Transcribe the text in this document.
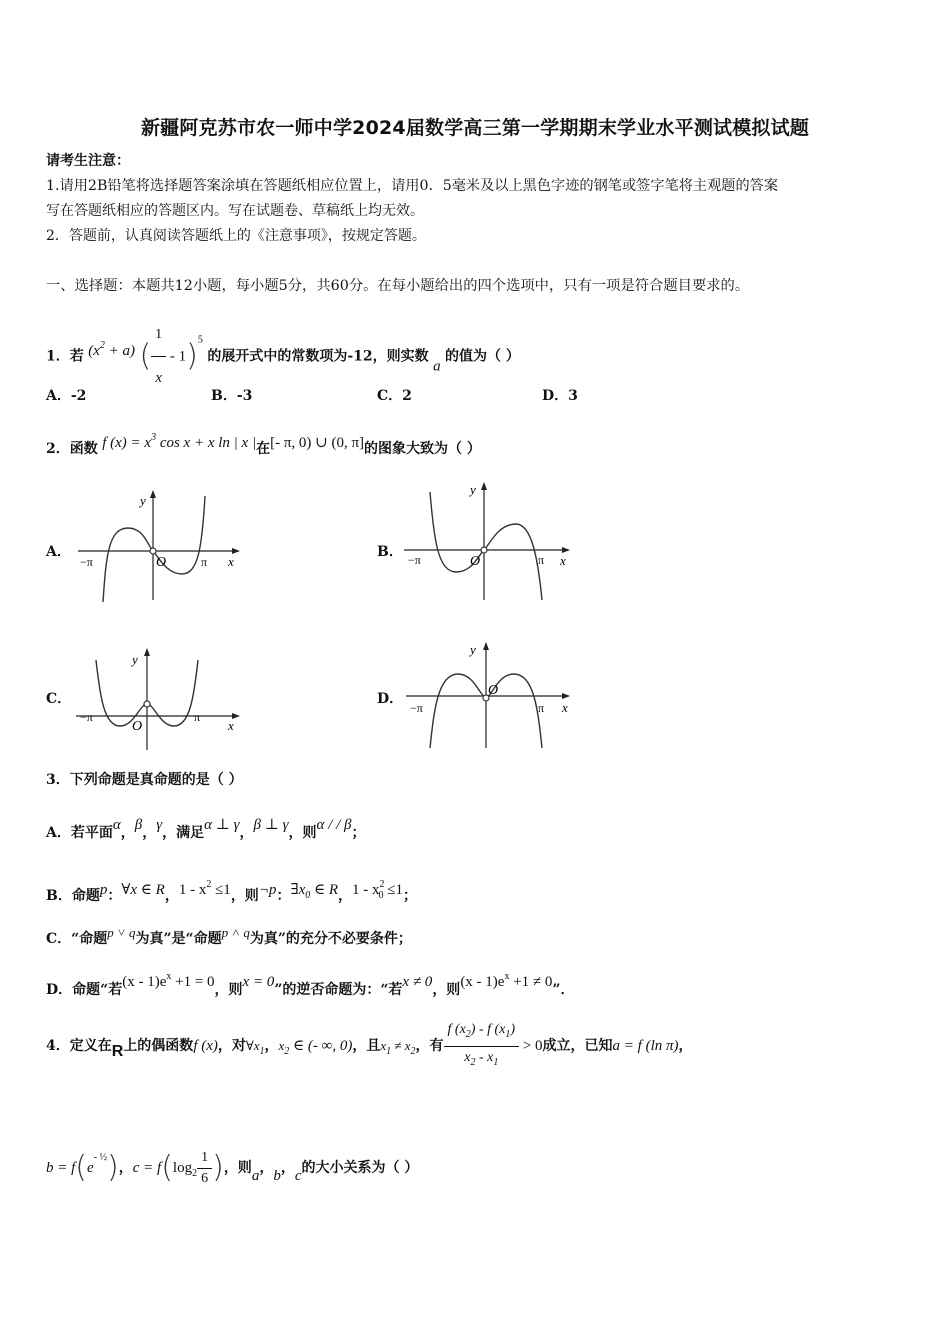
新疆阿克苏市农一师中学2024届数学高三第一学期期末学业水平测试模拟试题
请考生注意：
1.请用2B铅笔将选择题答案涂填在答题纸相应位置上，请用0．5毫米及以上黑色字迹的钢笔或签字笔将主观题的答案
写在答题纸相应的答题区内。写在试题卷、草稿纸上均无效。
2．答题前，认真阅读答题纸上的《注意事项》，按规定答题。
一、选择题：本题共12小题，每小题5分，共60分。在每小题给出的四个选项中，只有一项是符合题目要求的。
1．若 $(x^2 + a)$ ( $\frac{1}{x} - 1)^5$ 的展开式中的常数项为-12，则实数 a 的值为（ ）
A．-2	B．-3	C．2	D．3
2．函数 f $(x) = x^3$ cos x + x ln | x |在[- π, 0) ∪ (0, π]的图象大致为（ ）
A．
y
x
O
−π	π
B．
y
x
O
−π	π
C．
y
x
O
−π	π
D．
y
x
O
−π	π
3．下列命题是真命题的是（ ）
A．若平面α，β，γ，满足α ⊥ γ，β ⊥ γ，则α / / β；
B．命题p：∀x ∈ R，$1 - x^2 \le 1$，则¬p：$\exists x_0$ ∈ R，$1 - x^2_0 \le 1$；
C．“命题p ˅ q为真”是“命题p ˄ q为真”的充分不必要条件；
D．命题“若$(x - 1)e^x +1 = 0$，则x = 0”的逆否命题为：“若x ≠ 0，则$(x - 1)e^x +1 \ne 0$”．
4．定义在R上的偶函数f (x)，对$\forall x_1$，$x_2$ ∈ (- ∞, 0)，且$x_1 \ne x_2$，有 $\frac{f (x_2) - f (x_1)}{x_2 - x_1} > 0$成立，已知a = f (ln π)，
$b = f(e^{- \frac{1}{2}})$，$c = f(\log_2 \frac{1}{6}$ )，则a，b，c的大小关系为（ ）
